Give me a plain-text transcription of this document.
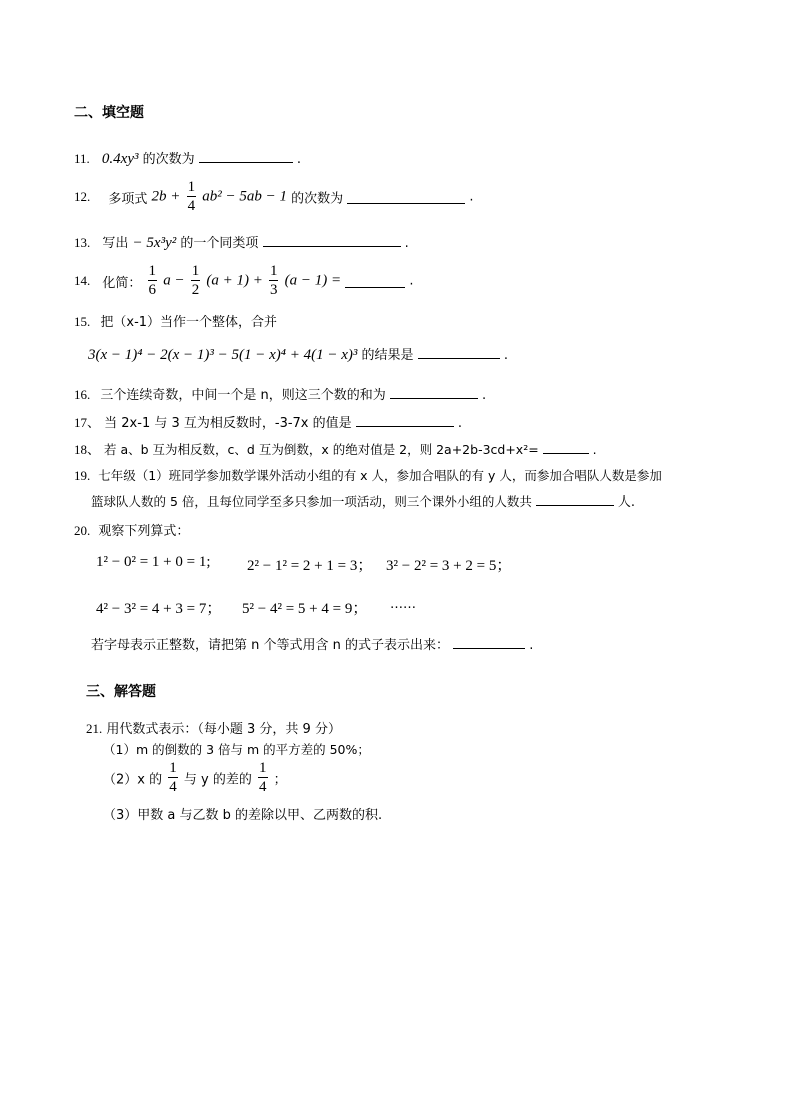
二、填空题
11. 0.4xy³ 的次数为	.
12. 多项式 $2b + \frac{1}{4} ab^2 - 5ab - 1$ 的次数为	.
13. 写出 − 5x³y² 的一个同类项	.
14. 化简： $\frac{1}{6}$ $a - \frac{1}{2} (a + 1) + \frac{1}{3} (a - 1)$ =	.
15. 把（x-1）当作一个整体，合并
3(x − 1)⁴ − 2(x − 1)³ − 5(1 − x)⁴ + 4(1 − x)³ 的结果是	.
16. 三个连续奇数，中间一个是 n，则这三个数的和为	.
17、 当 2x-1 与 3 互为相反数时，-3-7x 的值是	.
18、 若 a、b 互为相反数，c、d 互为倒数，x 的绝对值是 2，则 2a+2b-3cd+x²=	.
19. 七年级（1）班同学参加数学课外活动小组的有 x 人，参加合唱队的有 y 人，而参加合唱队人数是参加
篮球队人数的 5 倍，且每位同学至多只参加一项活动，则三个课外小组的人数共	人.
20. 观察下列算式：
1² − 0² = 1 + 0 = 1; 2² − 1² = 2 + 1 = 3； 3² − 2² = 3 + 2 = 5；
4² − 3² = 4 + 3 = 7； 5² − 4² = 5 + 4 = 9； ……
若字母表示正整数，请把第 n 个等式用含 n 的式子表示出来：	.
三、解答题
21. 用代数式表示：（每小题 3 分，共 9 分）
（1）m 的倒数的 3 倍与 m 的平方差的 50%；
（2）x 的 $\frac{1}{4}$ 与 y 的差的 $\frac{1}{4}$ ；
（3）甲数 a 与乙数 b 的差除以甲、乙两数的积.
